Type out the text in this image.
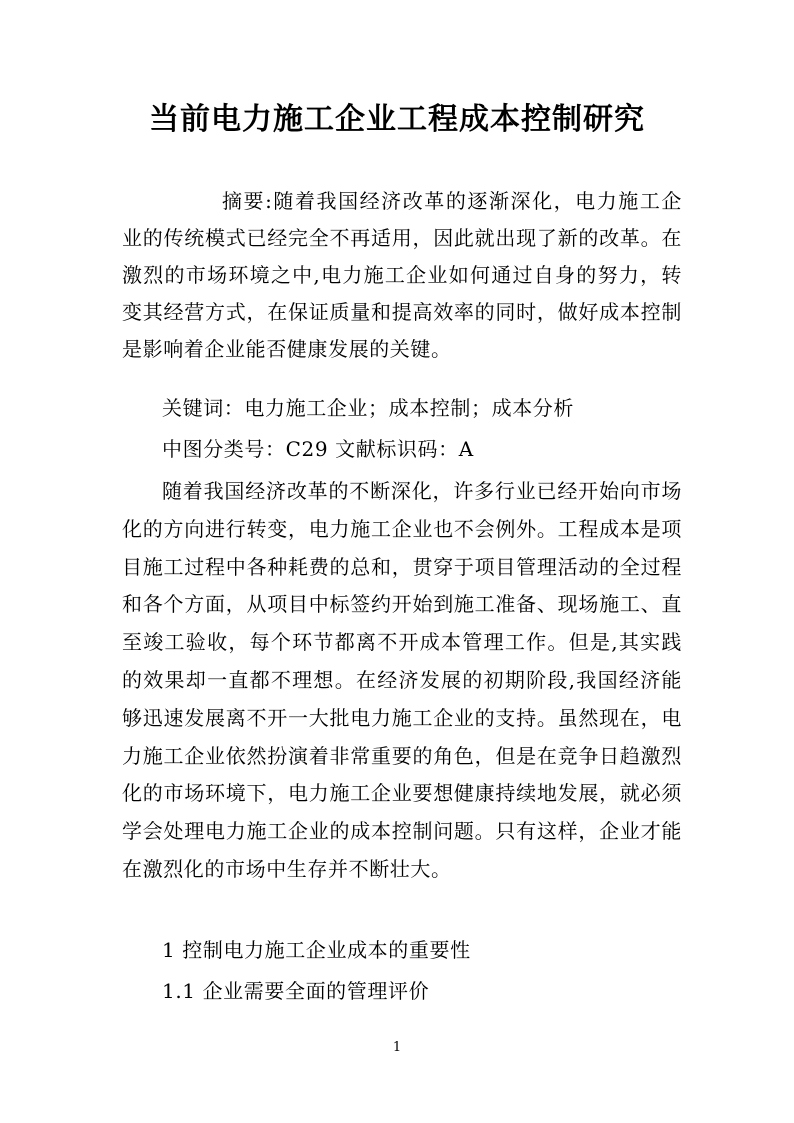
当前电力施工企业工程成本控制研究

摘要:随着我国经济改革的逐渐深化，电力施工企业的传统模式已经完全不再适用，因此就出现了新的改革。在激烈的市场环境之中,电力施工企业如何通过自身的努力，转变其经营方式，在保证质量和提高效率的同时，做好成本控制是影响着企业能否健康发展的关键。

关键词：电力施工企业；成本控制；成本分析

中图分类号：C29 文献标识码：A

随着我国经济改革的不断深化，许多行业已经开始向市场化的方向进行转变，电力施工企业也不会例外。工程成本是项目施工过程中各种耗费的总和，贯穿于项目管理活动的全过程和各个方面，从项目中标签约开始到施工准备、现场施工、直至竣工验收，每个环节都离不开成本管理工作。但是,其实践的效果却一直都不理想。在经济发展的初期阶段,我国经济能够迅速发展离不开一大批电力施工企业的支持。虽然现在，电力施工企业依然扮演着非常重要的角色，但是在竞争日趋激烈化的市场环境下，电力施工企业要想健康持续地发展，就必须学会处理电力施工企业的成本控制问题。只有这样，企业才能在激烈化的市场中生存并不断壮大。

1 控制电力施工企业成本的重要性

1.1 企业需要全面的管理评价

1
